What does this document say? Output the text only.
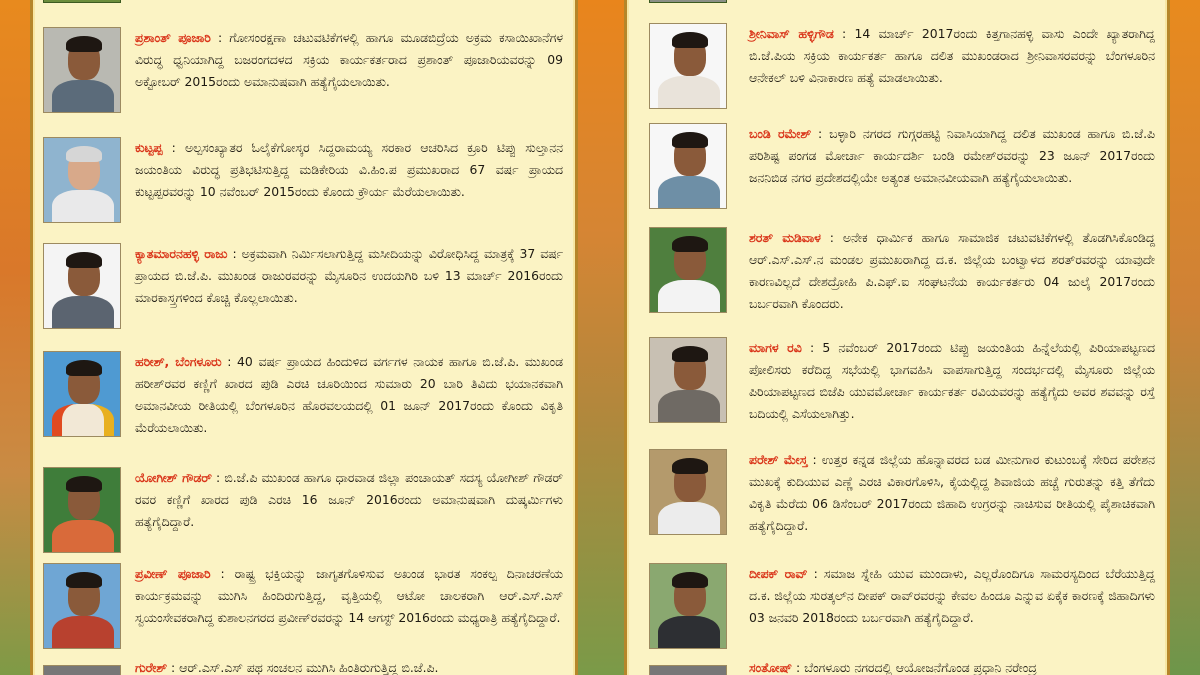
ಪ್ರಶಾಂತ್ ಪೂಜಾರಿ : ಗೋಸಂರಕ್ಷಣಾ ಚಟುವಟಿಕೆಗಳಲ್ಲಿ ಹಾಗೂ ಮೂಡಬಿದ್ರೆಯ ಅಕ್ರಮ ಕಸಾಯಿಖಾನೆಗಳ ವಿರುದ್ಧ ಧ್ವನಿಯಾಗಿದ್ದ ಬಜರಂಗದಳದ ಸಕ್ರಿಯ ಕಾರ್ಯಕರ್ತರಾದ ಪ್ರಶಾಂತ್ ಪೂಜಾರಿಯವರನ್ನು 09 ಅಕ್ಟೋಬರ್ 2015ರಂದು ಅಮಾನುಷವಾಗಿ ಹತ್ಯೆಗೈಯಲಾಯಿತು.
ಕುಟ್ಟಪ್ಪ : ಅಲ್ಪಸಂಖ್ಯಾತರ ಓಲೈಕೆಗೋಸ್ಕರ ಸಿದ್ದರಾಮಯ್ಯ ಸರಕಾರ ಆಚರಿಸಿದ ಕ್ರೂರಿ ಟಿಪ್ಪು ಸುಲ್ತಾನನ ಜಯಂತಿಯ ವಿರುದ್ಧ ಪ್ರತಿಭಟಿಸುತ್ತಿದ್ದ ಮಡಿಕೇರಿಯ ವಿ.ಹಿಂ.ಪ ಪ್ರಮುಖರಾದ 67 ವರ್ಷ ಪ್ರಾಯದ ಕುಟ್ಟಪ್ಪರವರನ್ನು 10 ನವೆಂಬರ್ 2015ರಂದು ಕೊಂದು ಕ್ರೌರ್ಯ ಮೆರೆಯಲಾಯಿತು.
ಕ್ಯಾತಮಾರನಹಳ್ಳಿ ರಾಜು : ಅಕ್ರಮವಾಗಿ ನಿರ್ಮಿಸಲಾಗುತ್ತಿದ್ದ ಮಸೀದಿಯನ್ನು ವಿರೋಧಿಸಿದ್ದ ಮಾತ್ರಕ್ಕೆ 37 ವರ್ಷ ಪ್ರಾಯದ ಬಿ.ಜೆ.ಪಿ. ಮುಖಂಡ ರಾಜುರವರನ್ನು ಮೈಸೂರಿನ ಉದಯಗಿರಿ ಬಳಿ 13 ಮಾರ್ಚ್ 2016ರಂದು ಮಾರಕಾಸ್ತ್ರಗಳಿಂದ ಕೊಚ್ಚಿ ಕೊಲ್ಲಲಾಯಿತು.
ಹರೀಶ್, ಬೆಂಗಳೂರು : 40 ವರ್ಷ ಪ್ರಾಯದ ಹಿಂದುಳಿದ ವರ್ಗಗಳ ನಾಯಕ ಹಾಗೂ ಬಿ.ಜೆ.ಪಿ. ಮುಖಂಡ ಹರೀಶ್‌ರವರ ಕಣ್ಣಿಗೆ ಖಾರದ ಪುಡಿ ಎರಚಿ ಚೂರಿಯಿಂದ ಸುಮಾರು 20 ಬಾರಿ ತಿವಿದು ಭಯಾನಕವಾಗಿ ಅಮಾನವೀಯ ರೀತಿಯಲ್ಲಿ ಬೆಂಗಳೂರಿನ ಹೊರವಲಯದಲ್ಲಿ 01 ಜೂನ್ 2017ರಂದು ಕೊಂದು ವಿಕೃತಿ ಮೆರೆಯಲಾಯಿತು.
ಯೋಗೀಶ್ ಗೌಡರ್ : ಬಿ.ಜೆ.ಪಿ ಮುಖಂಡ ಹಾಗೂ ಧಾರವಾಡ ಜಿಲ್ಲಾ ಪಂಚಾಯತ್ ಸದಸ್ಯ ಯೋಗೀಶ್ ಗೌಡರ್ ರವರ ಕಣ್ಣಿಗೆ ಖಾರದ ಪುಡಿ ಎರಚಿ 16 ಜೂನ್ 2016ರಂದು ಅಮಾನುಷವಾಗಿ ದುಷ್ಕರ್ಮಿಗಳು ಹತ್ಯೆಗೈದಿದ್ದಾರೆ.
ಪ್ರವೀಣ್ ಪೂಜಾರಿ : ರಾಷ್ಟ್ರ ಭಕ್ತಿಯನ್ನು ಜಾಗೃತಗೊಳಿಸುವ ಅಖಂಡ ಭಾರತ ಸಂಕಲ್ಪ ದಿನಾಚರಣೆಯ ಕಾರ್ಯಕ್ರಮವನ್ನು ಮುಗಿಸಿ ಹಿಂದಿರುಗುತ್ತಿದ್ದ, ವೃತ್ತಿಯಲ್ಲಿ ಆಟೋ ಚಾಲಕರಾಗಿ ಆರ್.ಎಸ್.ಎಸ್ ಸ್ವಯಂಸೇವಕರಾಗಿದ್ದ ಕುಶಾಲನಗರದ ಪ್ರವೀಣ್‌ರವರನ್ನು 14 ಆಗಸ್ಟ್ 2016ರಂದು ಮಧ್ಯರಾತ್ರಿ ಹತ್ಯೆಗೈದಿದ್ದಾರೆ.
ಗುರೇಶ್ : ಆರ್.ಎಸ್.ಎಸ್ ಪಥ ಸಂಚಲನ ಮುಗಿಸಿ ಹಿಂತಿರುಗುತ್ತಿದ್ದ ಬಿ.ಜೆ.ಪಿ.
ಶ್ರೀನಿವಾಸ್ ಹಳ್ಳಿಗೌಡ : 14 ಮಾರ್ಚ್ 2017ರಂದು ಕಿತ್ತಗಾನಹಳ್ಳಿ ವಾಸು ಎಂದೇ ಖ್ಯಾತರಾಗಿದ್ದ ಬಿ.ಜೆ.ಪಿಯ ಸಕ್ರಿಯ ಕಾರ್ಯಕರ್ತ ಹಾಗೂ ದಲಿತ ಮುಖಂಡರಾದ ಶ್ರೀನಿವಾಸರವರನ್ನು ಬೆಂಗಳೂರಿನ ಆನೇಕಲ್ ಬಳಿ ವಿನಾಕಾರಣ ಹತ್ಯೆ ಮಾಡಲಾಯಿತು.
ಬಂಡಿ ರಮೇಶ್ : ಬಳ್ಳಾರಿ ನಗರದ ಗುಗ್ಗರಹಟ್ಟಿ ನಿವಾಸಿಯಾಗಿದ್ದ ದಲಿತ ಮುಖಂಡ ಹಾಗೂ ಬಿ.ಜೆ.ಪಿ ಪರಿಶಿಷ್ಟ ಪಂಗಡ ಮೋರ್ಚಾ ಕಾರ್ಯದರ್ಶಿ ಬಂಡಿ ರಮೇಶ್‌ರವರನ್ನು 23 ಜೂನ್ 2017ರಂದು ಜನನಿಬಿಡ ನಗರ ಪ್ರದೇಶದಲ್ಲಿಯೇ ಅತ್ಯಂತ ಅಮಾನವೀಯವಾಗಿ ಹತ್ಯೆಗೈಯಲಾಯಿತು.
ಶರತ್ ಮಡಿವಾಳ : ಅನೇಕ ಧಾರ್ಮಿಕ ಹಾಗೂ ಸಾಮಾಜಿಕ ಚಟುವಟಿಕೆಗಳಲ್ಲಿ ತೊಡಗಿಸಿಕೊಂಡಿದ್ದ ಆರ್.ಎಸ್.ಎಸ್.ನ ಮಂಡಲ ಪ್ರಮುಖರಾಗಿದ್ದ ದ.ಕ. ಜಿಲ್ಲೆಯ ಬಂಟ್ವಾಳದ ಶರತ್‌ರವರನ್ನು ಯಾವುದೇ ಕಾರಣವಿಲ್ಲದೆ ದೇಶದ್ರೋಹಿ ಪಿ.ಎಫ್.ಐ ಸಂಘಟನೆಯ ಕಾರ್ಯಕರ್ತರು 04 ಜುಲೈ 2017ರಂದು ಬರ್ಬರವಾಗಿ ಕೊಂದರು.
ಮಾಗಳ ರವಿ : 5 ನವೆಂಬರ್ 2017ರಂದು ಟಿಪ್ಪು ಜಯಂತಿಯ ಹಿನ್ನೆಲೆಯಲ್ಲಿ ಪಿರಿಯಾಪಟ್ಟಣದ ಪೋಲಿಸರು ಕರೆದಿದ್ದ ಸಭೆಯಲ್ಲಿ ಭಾಗವಹಿಸಿ ವಾಪಸಾಗುತ್ತಿದ್ದ ಸಂದರ್ಭದಲ್ಲಿ ಮೈಸೂರು ಜಿಲ್ಲೆಯ ಪಿರಿಯಾಪಟ್ಟಣದ ಬಿಜೆಪಿ ಯುವಮೋರ್ಚಾ ಕಾರ್ಯಕರ್ತ ರವಿಯವರನ್ನು ಹತ್ಯೆಗೈದು ಅವರ ಶವವನ್ನು ರಸ್ತೆ ಬದಿಯಲ್ಲಿ ಎಸೆಯಲಾಗಿತ್ತು.
ಪರೇಶ್ ಮೇಸ್ತ : ಉತ್ತರ ಕನ್ನಡ ಜಿಲ್ಲೆಯ ಹೊನ್ನಾವರದ ಬಡ ಮೀನುಗಾರ ಕುಟುಂಬಕ್ಕೆ ಸೇರಿದ ಪರೇಶನ ಮುಖಕ್ಕೆ ಕುದಿಯುವ ಎಣ್ಣೆ ಎರಚಿ ವಿಕಾರಗೊಳಿಸಿ, ಕೈಯಲ್ಲಿದ್ದ ಶಿವಾಜಿಯ ಹಚ್ಚೆ ಗುರುತನ್ನು ಕತ್ತಿ ತೆಗೆದು ವಿಕೃತಿ ಮೆರೆದು 06 ಡಿಸೆಂಬರ್ 2017ರಂದು ಜಿಹಾದಿ ಉಗ್ರರನ್ನು ನಾಚಿಸುವ ರೀತಿಯಲ್ಲಿ ಪೈಶಾಚಿಕವಾಗಿ ಹತ್ಯೆಗೈದಿದ್ದಾರೆ.
ದೀಪಕ್ ರಾವ್ : ಸಮಾಜ ಸ್ನೇಹಿ ಯುವ ಮುಂದಾಳು, ಎಲ್ಲರೊಂದಿಗೂ ಸಾಮರಸ್ಯದಿಂದ ಬೆರೆಯುತ್ತಿದ್ದ ದ.ಕ. ಜಿಲ್ಲೆಯ ಸುರತ್ಕಲ್‌ನ ದೀಪಕ್ ರಾವ್‌ರವರನ್ನು ಕೇವಲ ಹಿಂದೂ ಎನ್ನುವ ಏಕೈಕ ಕಾರಣಕ್ಕೆ ಜಿಹಾದಿಗಳು 03 ಜನವರಿ 2018ರಂದು ಬರ್ಬರವಾಗಿ ಹತ್ಯೆಗೈದಿದ್ದಾರೆ.
ಸಂತೋಷ್ : ಬೆಂಗಳೂರು ನಗರದಲ್ಲಿ ಆಯೋಜನೆಗೊಂಡ ಪ್ರಧಾನಿ ನರೇಂದ್ರ
